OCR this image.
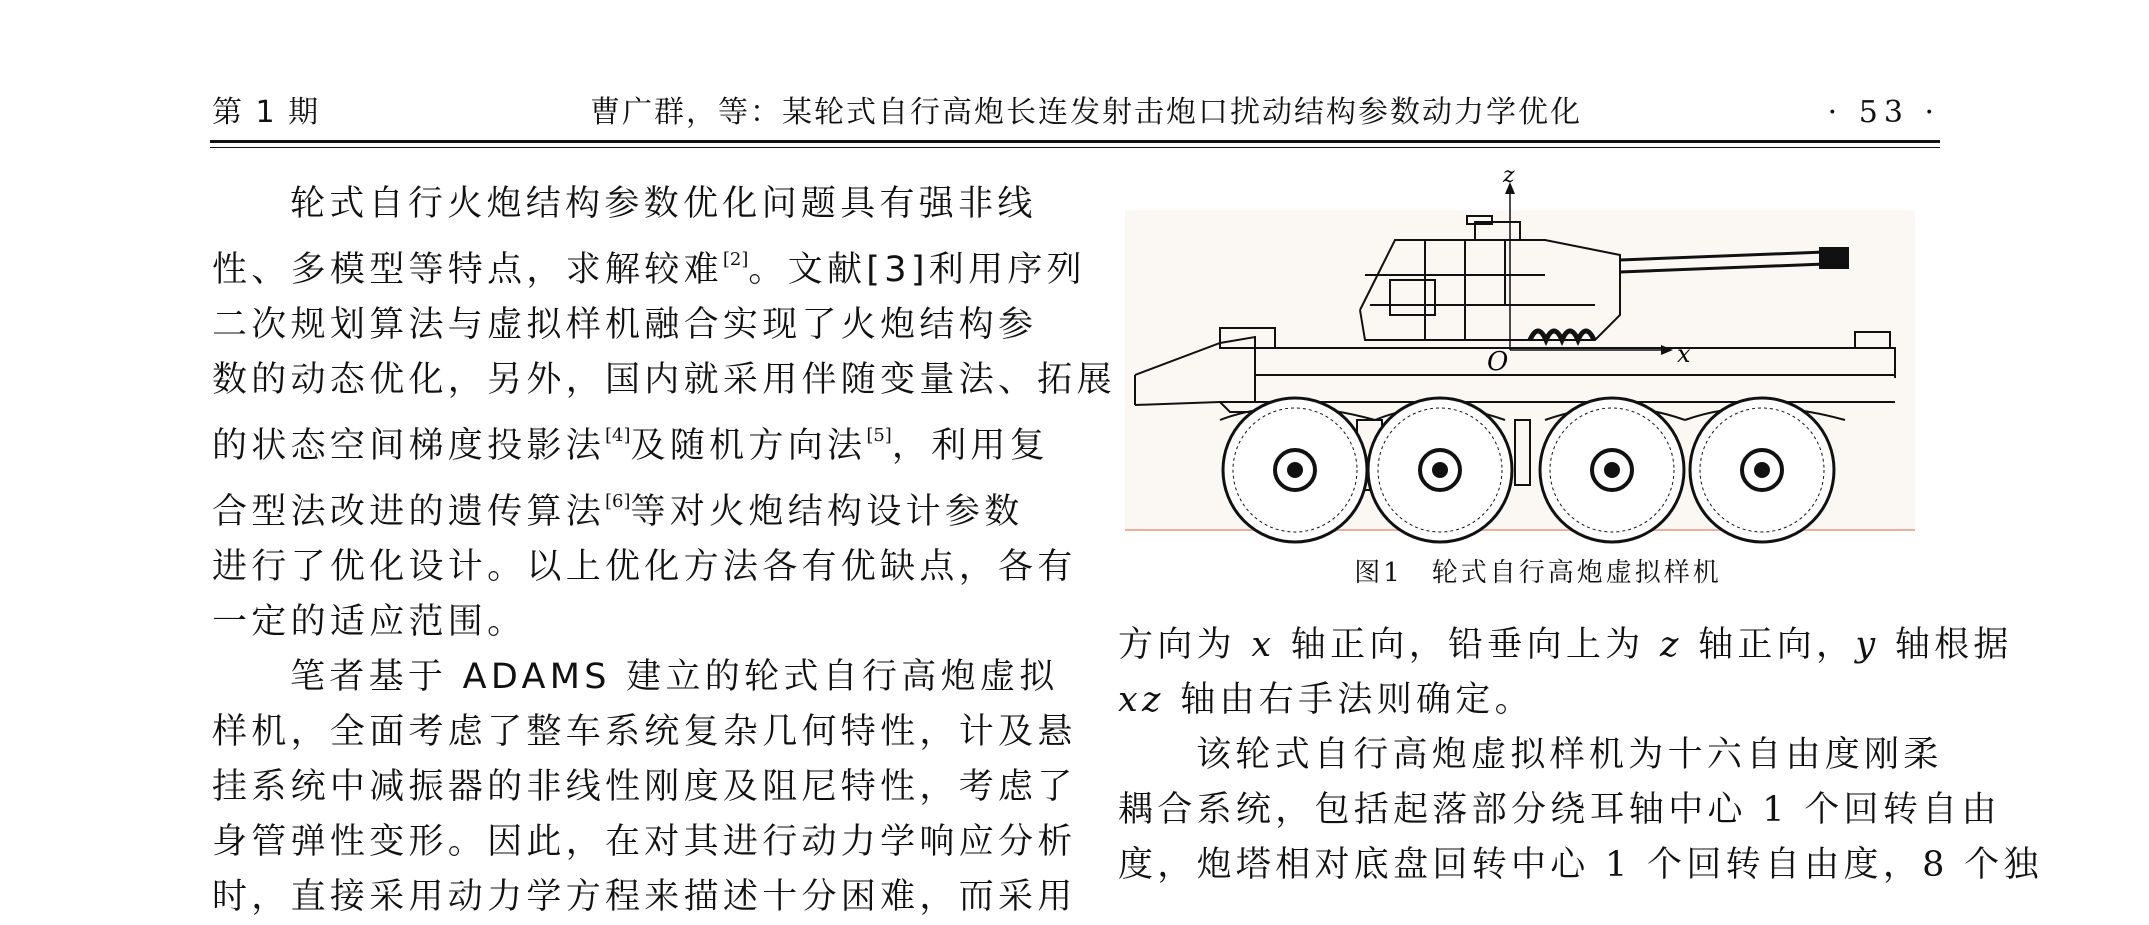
第 1 期	曹广群，等：某轮式自行高炮长连发射击炮口扰动结构参数动力学优化	· 53 ·

轮式自行火炮结构参数优化问题具有强非线

性、多模型等特点，求解较难[2]。文献[3]利用序列

二次规划算法与虚拟样机融合实现了火炮结构参

数的动态优化，另外，国内就采用伴随变量法、拓展

的状态空间梯度投影法[4]及随机方向法[5]，利用复

合型法改进的遗传算法[6]等对火炮结构设计参数

进行了优化设计。以上优化方法各有优缺点，各有

一定的适应范围。

笔者基于 ADAMS 建立的轮式自行高炮虚拟

样机，全面考虑了整车系统复杂几何特性，计及悬

挂系统中减振器的非线性刚度及阻尼特性，考虑了

身管弹性变形。因此，在对其进行动力学响应分析

时，直接采用动力学方程来描述十分困难，而采用

z
x
O
图1　轮式自行高炮虚拟样机

方向为 x 轴正向，铅垂向上为 z 轴正向，y 轴根据

xz 轴由右手法则确定。

该轮式自行高炮虚拟样机为十六自由度刚柔

耦合系统，包括起落部分绕耳轴中心 1 个回转自由

度，炮塔相对底盘回转中心 1 个回转自由度，8 个独
